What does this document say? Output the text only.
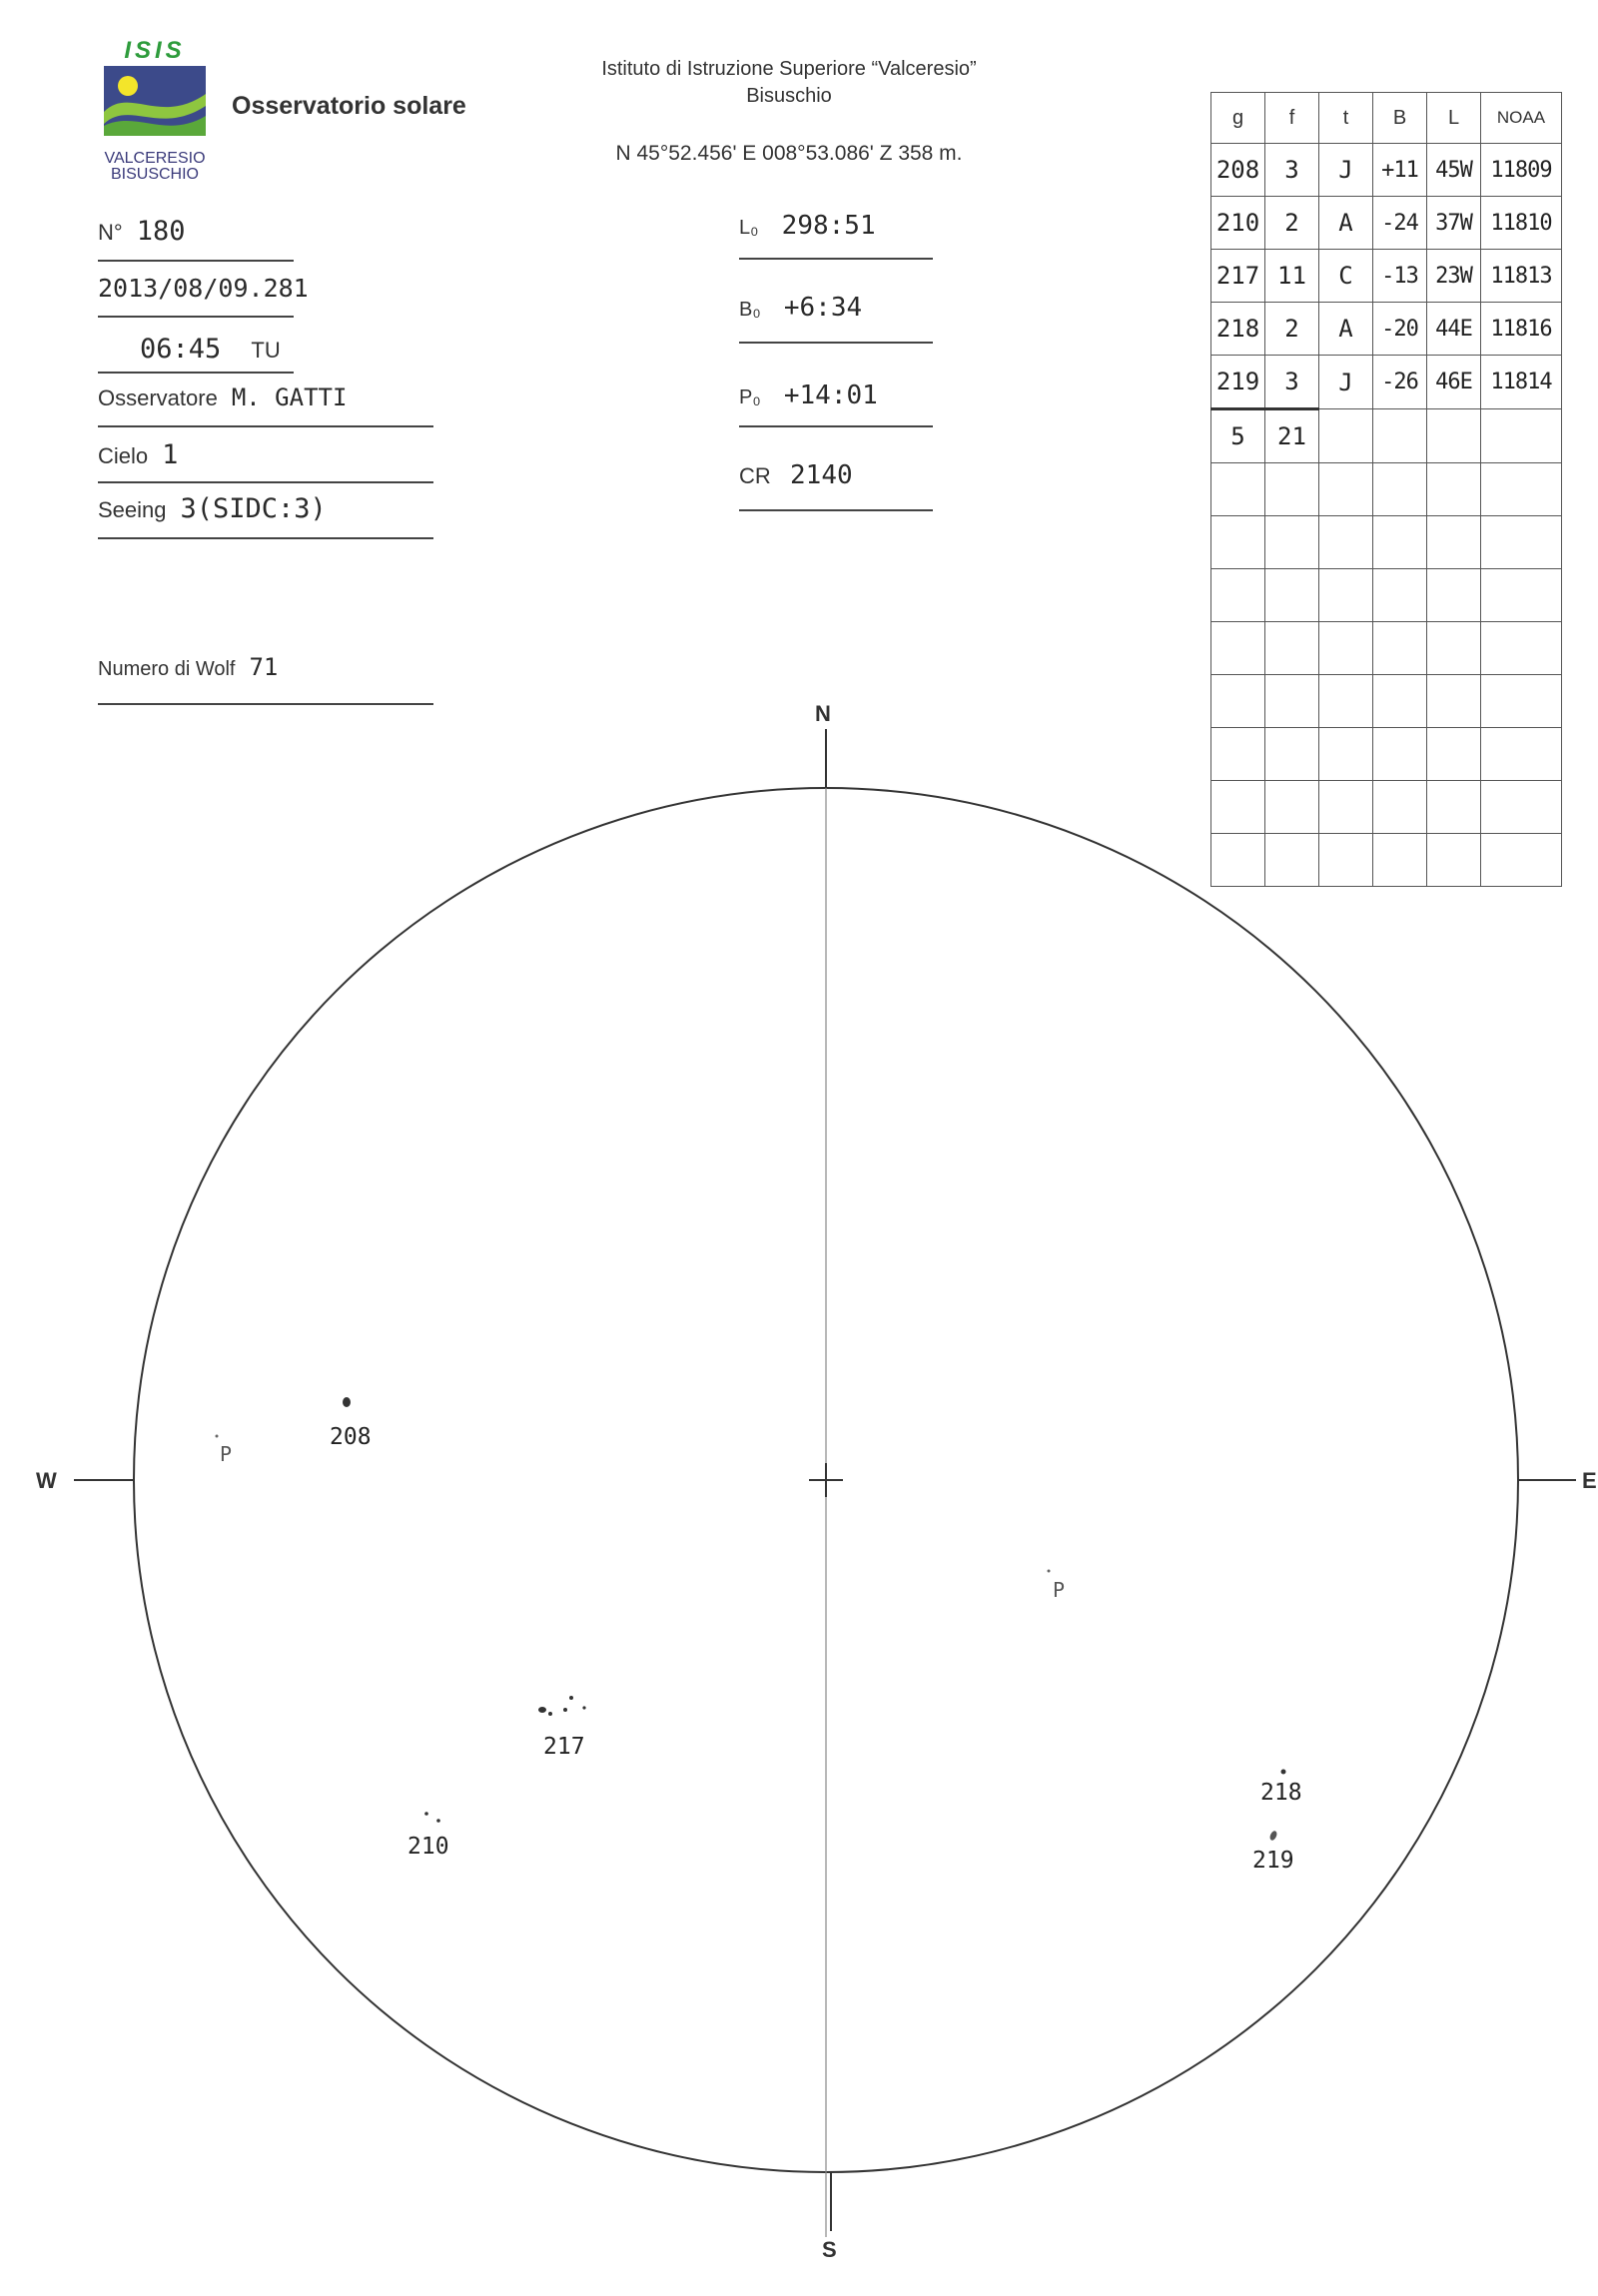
ISIS
VALCERESIO
BISUSCHIO
Osservatorio solare
Istituto di Istruzione Superiore “Valceresio”
Bisuschio
N 45°52.456' E 008°53.086' Z 358 m.
N° 180
2013/08/09.281
06:45 TU
Osservatore M. GATTI
Cielo 1
Seeing 3(SIDC:3)
Numero di Wolf 71
L₀ 298:51
B₀ +6:34
P₀ +14:01
CR 2140
g	f	t	B	L	NOAA
208	3	J	+11	45W	11809
210	2	A	-24	37W	11810
217	11	C	-13	23W	11813
218	2	A	-20	44E	11816
219	3	J	-26	46E	11814
5	21				

N
S
W	E
208
217
210
218
219
P
P
